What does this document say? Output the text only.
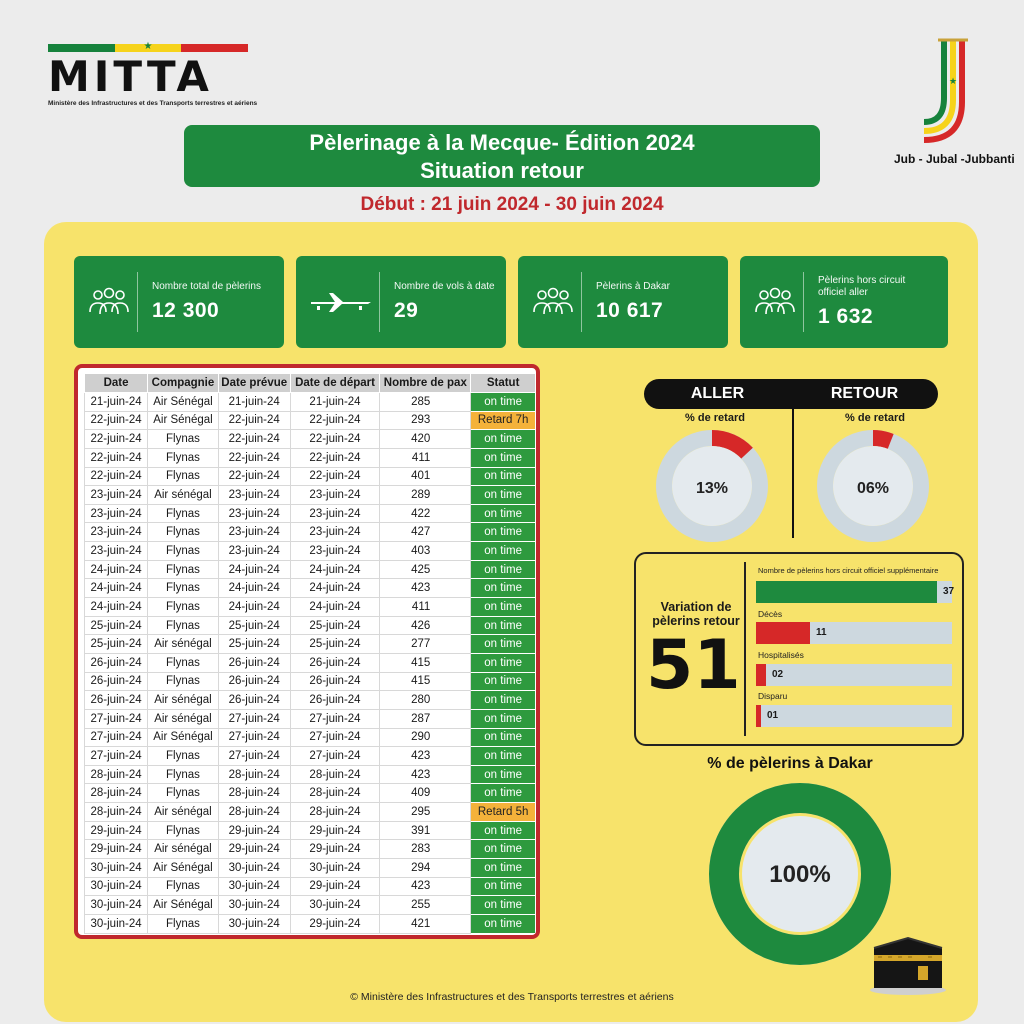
★
MITTA
Ministère des Infrastructures et des Transports terrestres et aériens
★
Jub - Jubal -Jubbanti
Pèlerinage à la Mecque- Édition 2024
Situation retour
Début : 21 juin 2024 - 30 juin 2024
Nombre total de pèlerins
12 300
Nombre de vols à date
29
Pèlerins à Dakar
10 617
Pèlerins hors circuit officiel aller
1 632
Date	Compagnie	Date prévue	Date de départ	Nombre de pax	Statut
21-juin-24	Air Sénégal	21-juin-24	21-juin-24	285	on time
22-juin-24	Air Sénégal	22-juin-24	22-juin-24	293	Retard 7h
22-juin-24	Flynas	22-juin-24	22-juin-24	420	on time
22-juin-24	Flynas	22-juin-24	22-juin-24	411	on time
22-juin-24	Flynas	22-juin-24	22-juin-24	401	on time
23-juin-24	Air sénégal	23-juin-24	23-juin-24	289	on time
23-juin-24	Flynas	23-juin-24	23-juin-24	422	on time
23-juin-24	Flynas	23-juin-24	23-juin-24	427	on time
23-juin-24	Flynas	23-juin-24	23-juin-24	403	on time
24-juin-24	Flynas	24-juin-24	24-juin-24	425	on time
24-juin-24	Flynas	24-juin-24	24-juin-24	423	on time
24-juin-24	Flynas	24-juin-24	24-juin-24	411	on time
25-juin-24	Flynas	25-juin-24	25-juin-24	426	on time
25-juin-24	Air sénégal	25-juin-24	25-juin-24	277	on time
26-juin-24	Flynas	26-juin-24	26-juin-24	415	on time
26-juin-24	Flynas	26-juin-24	26-juin-24	415	on time
26-juin-24	Air sénégal	26-juin-24	26-juin-24	280	on time
27-juin-24	Air sénégal	27-juin-24	27-juin-24	287	on time
27-juin-24	Air Sénégal	27-juin-24	27-juin-24	290	on time
27-juin-24	Flynas	27-juin-24	27-juin-24	423	on time
28-juin-24	Flynas	28-juin-24	28-juin-24	423	on time
28-juin-24	Flynas	28-juin-24	28-juin-24	409	on time
28-juin-24	Air sénégal	28-juin-24	28-juin-24	295	Retard 5h
29-juin-24	Flynas	29-juin-24	29-juin-24	391	on time
29-juin-24	Air sénégal	29-juin-24	29-juin-24	283	on time
30-juin-24	Air Sénégal	30-juin-24	30-juin-24	294	on time
30-juin-24	Flynas	30-juin-24	29-juin-24	423	on time
30-juin-24	Air Sénégal	30-juin-24	30-juin-24	255	on time
30-juin-24	Flynas	30-juin-24	29-juin-24	421	on time
ALLER	RETOUR
% de retard	% de retard
13%	06%
Variation de pèlerins retour
51
Nombre de pèlerins hors circuit officiel supplémentaire
37
Décès
11
Hospitalisés
02
Disparu
01
% de pèlerins à Dakar
100%
© Ministère des Infrastructures et des Transports terrestres et aériens
